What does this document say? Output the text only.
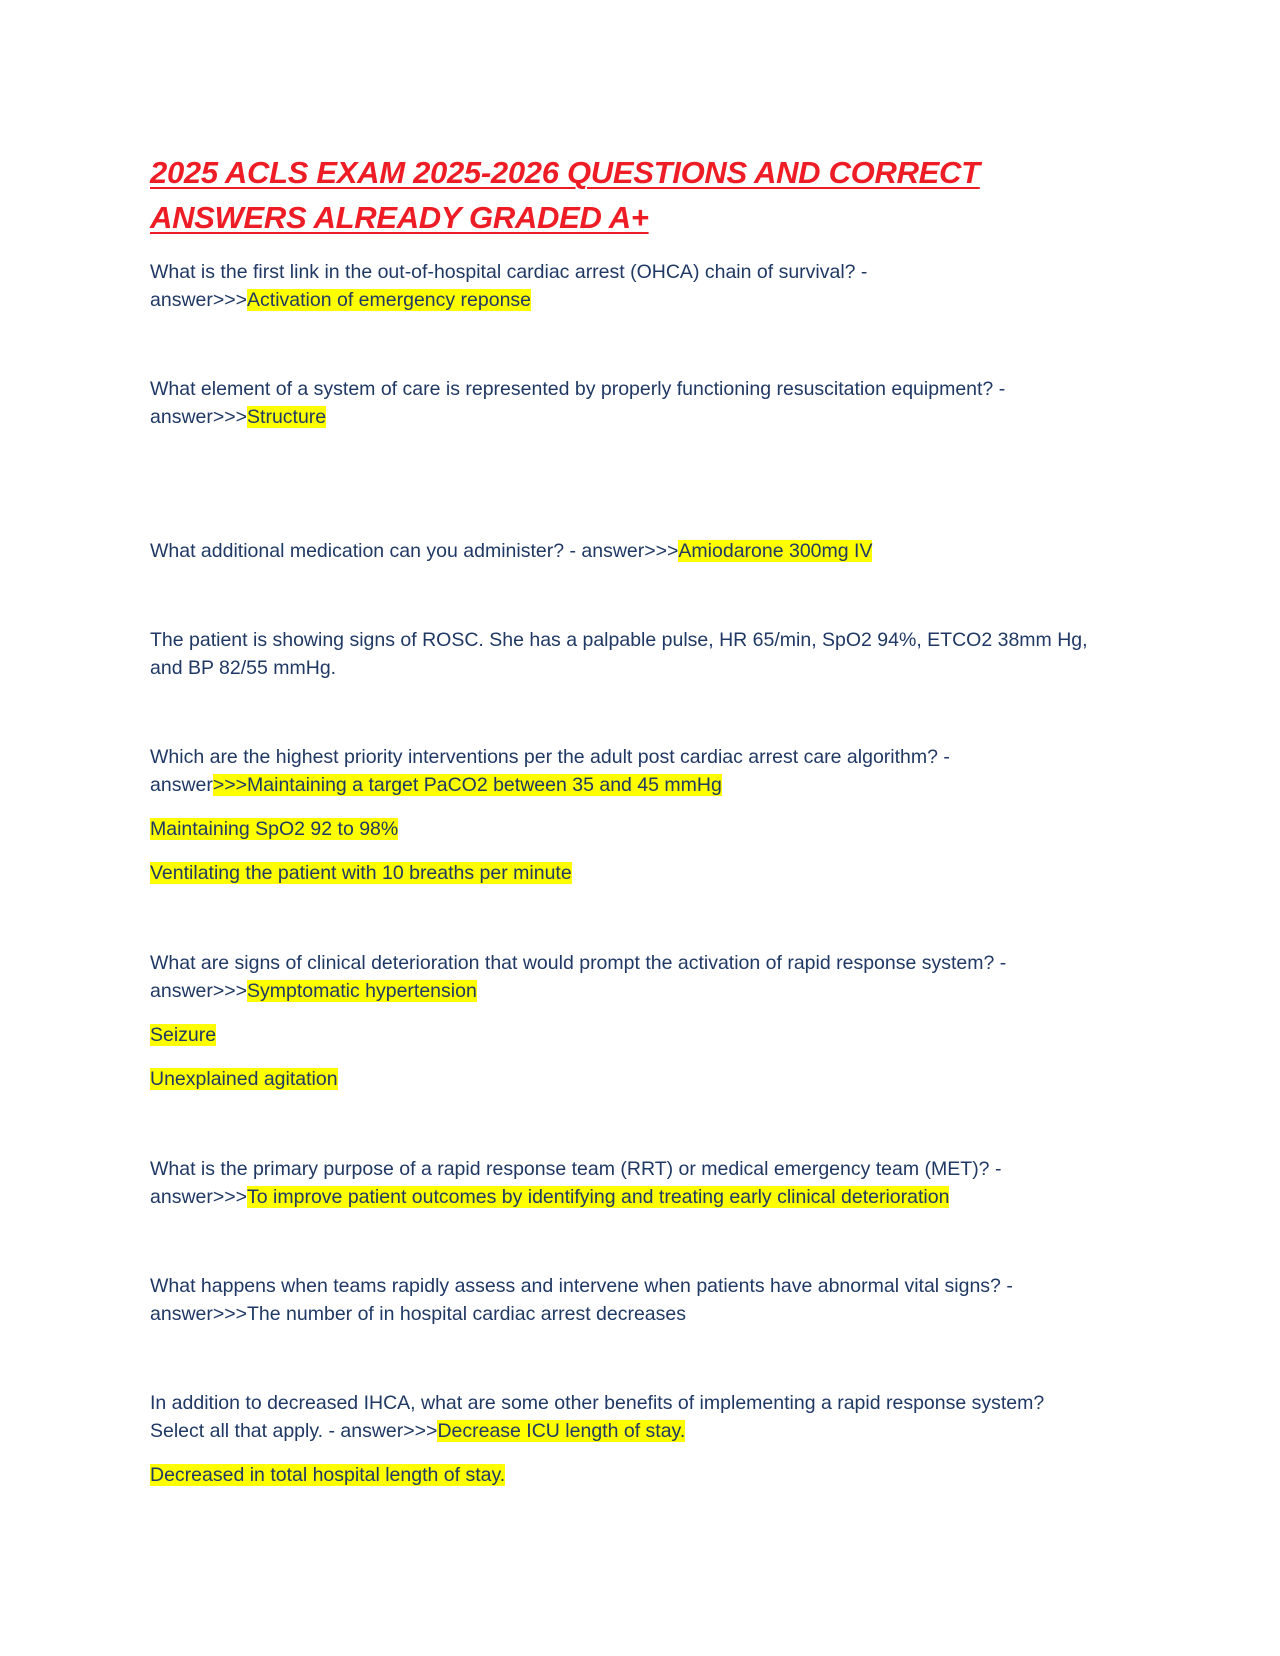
2025 ACLS EXAM 2025-2026 QUESTIONS AND CORRECT
ANSWERS ALREADY GRADED A+

What is the first link in the out-of-hospital cardiac arrest (OHCA) chain of survival? -

answer>>>Activation of emergency reponse

What element of a system of care is represented by properly functioning resuscitation equipment? -

answer>>>Structure

What additional medication can you administer? - answer>>>Amiodarone 300mg IV

The patient is showing signs of ROSC. She has a palpable pulse, HR 65/min, SpO2 94%, ETCO2 38mm Hg,

and BP 82/55 mmHg.

Which are the highest priority interventions per the adult post cardiac arrest care algorithm? -

answer>>>Maintaining a target PaCO2 between 35 and 45 mmHg

Maintaining SpO2 92 to 98%

Ventilating the patient with 10 breaths per minute

What are signs of clinical deterioration that would prompt the activation of rapid response system? -

answer>>>Symptomatic hypertension

Seizure

Unexplained agitation

What is the primary purpose of a rapid response team (RRT) or medical emergency team (MET)? -

answer>>>To improve patient outcomes by identifying and treating early clinical deterioration

What happens when teams rapidly assess and intervene when patients have abnormal vital signs? -

answer>>>The number of in hospital cardiac arrest decreases

In addition to decreased IHCA, what are some other benefits of implementing a rapid response system?

Select all that apply. - answer>>>Decrease ICU length of stay.

Decreased in total hospital length of stay.
